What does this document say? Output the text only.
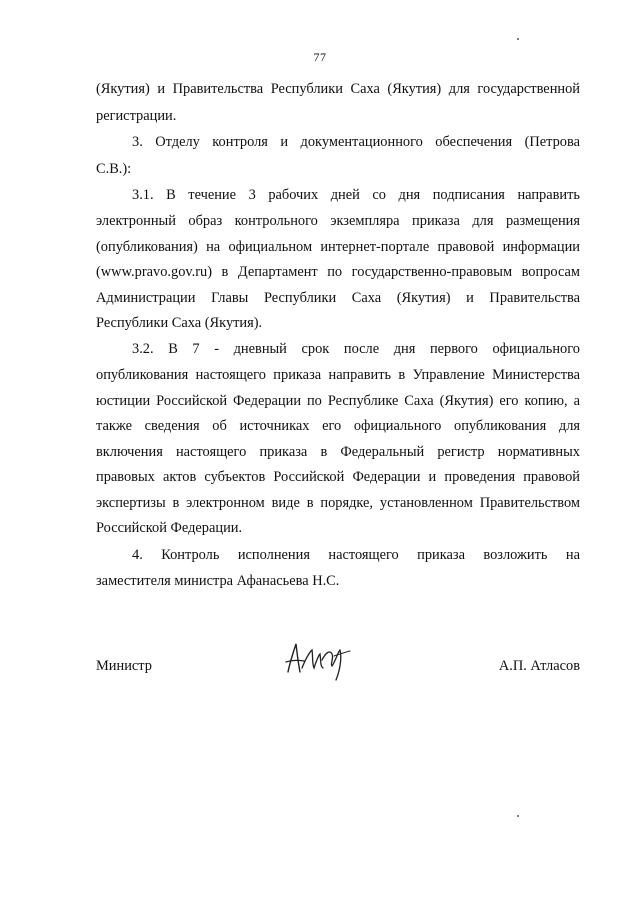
77
(Якутия) и Правительства Республики Саха (Якутия) для государственной
регистрации.
3. Отделу контроля и документационного обеспечения (Петрова
С.В.):
3.1. В течение 3 рабочих дней со дня подписания направить
электронный образ контрольного экземпляра приказа для размещения
(опубликования) на официальном интернет-портале правовой информации
(www.pravo.gov.ru) в Департамент по государственно-правовым вопросам
Администрации Главы Республики Саха (Якутия) и Правительства
Республики Саха (Якутия).
3.2. В 7 - дневный срок после дня первого официального
опубликования настоящего приказа направить в Управление Министерства
юстиции Российской Федерации по Республике Саха (Якутия) его копию, а
также сведения об источниках его официального опубликования для
включения настоящего приказа в Федеральный регистр нормативных
правовых актов субъектов Российской Федерации и проведения правовой
экспертизы в электронном виде в порядке, установленном Правительством
Российской Федерации.
4. Контроль исполнения настоящего приказа возложить на
заместителя министра Афанасьева Н.С.
Министр	А.П. Атласов
